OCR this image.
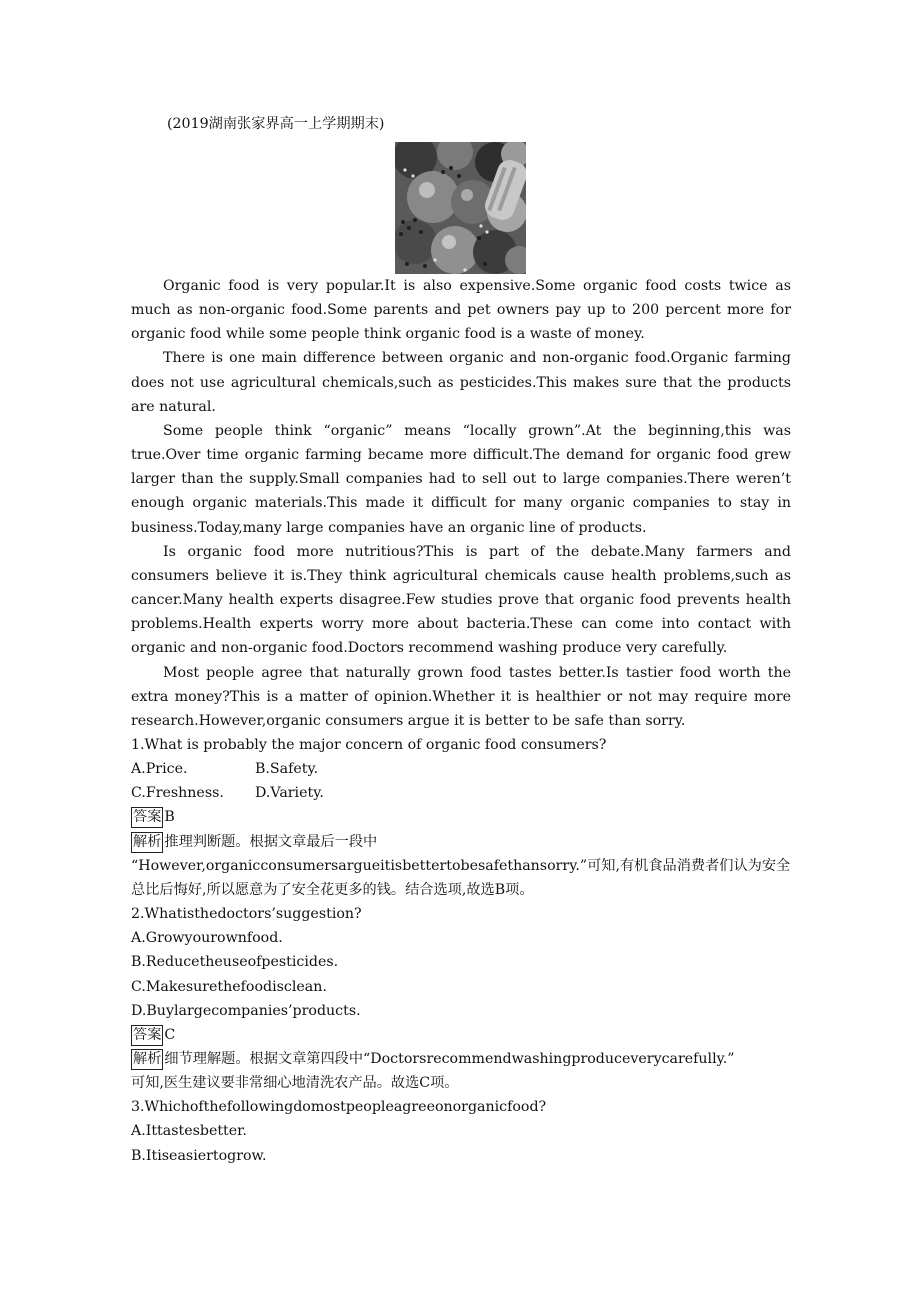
(2019湖南张家界高一上学期期末)

Organic food is very popular.It is also expensive.Some organic food costs twice as much as non-organic food.Some parents and pet owners pay up to 200 percent more for organic food while some people think organic food is a waste of money.

There is one main difference between organic and non-organic food.Organic farming does not use agricultural chemicals,such as pesticides.This makes sure that the products are natural.

Some people think “organic” means “locally grown”.At the beginning,this was true.Over time organic farming became more difficult.The demand for organic food grew larger than the supply.Small companies had to sell out to large companies.There weren’t enough organic materials.This made it difficult for many organic companies to stay in business.Today,many large companies have an organic line of products.

Is organic food more nutritious?This is part of the debate.Many farmers and consumers believe it is.They think agricultural chemicals cause health problems,such as cancer.Many health experts disagree.Few studies prove that organic food prevents health problems.Health experts worry more about bacteria.These can come into contact with organic and non-organic food.Doctors recommend washing produce very carefully.

Most people agree that naturally grown food tastes better.Is tastier food worth the extra money?This is a matter of opinion.Whether it is healthier or not may require more research.However,organic consumers argue it is better to be safe than sorry.

1.What is probably the major concern of organic food consumers?

A.Price.	B.Safety.
C.Freshness.	D.Variety.

答案 B

解析 推理判断题。根据文章最后一段中

“However,organicconsumersargueitisbettertobesafethansorry.”可知,有机食品消费者们认为安全总比后悔好,所以愿意为了安全花更多的钱。结合选项,故选B项。

2.Whatisthedoctors’suggestion?

A.Growyourownfood.

B.Reducetheuseofpesticides.

C.Makesurethefoodisclean.

D.Buylargecompanies’products.

答案 C

解析 细节理解题。根据文章第四段中“Doctorsrecommendwashingproduceverycarefully.”

可知,医生建议要非常细心地清洗农产品。故选C项。

3.Whichofthefollowingdomostpeopleagreeonorganicfood?

A.Ittastesbetter.

B.Itiseasiertogrow.
